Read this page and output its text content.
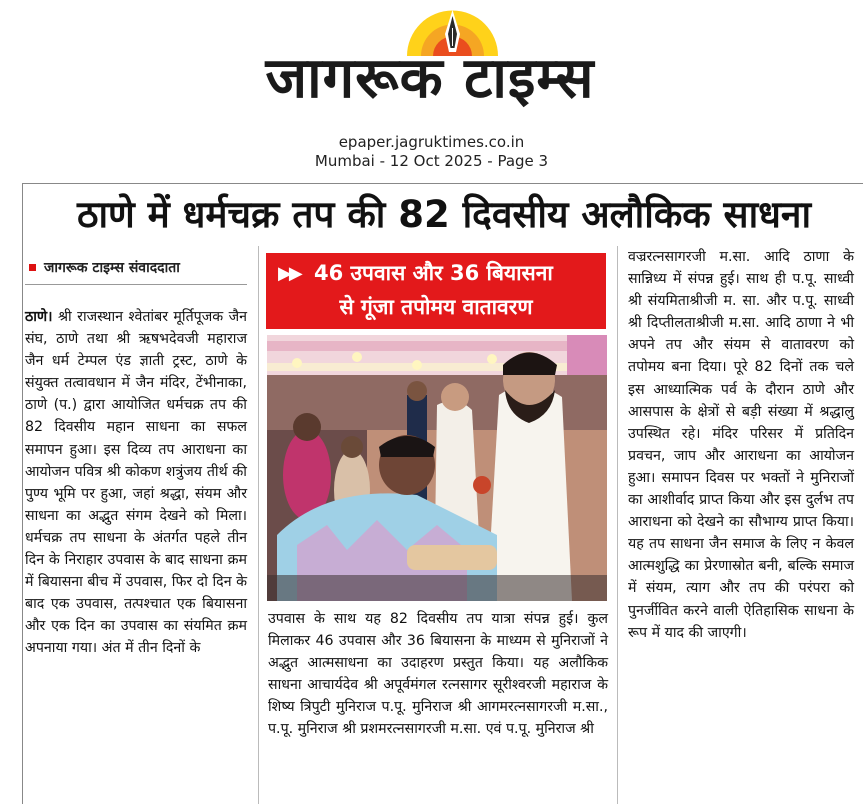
जागरूक टाइम्स
epaper.jagruktimes.co.in
Mumbai - 12 Oct 2025 - Page 3
ठाणे में धर्मचक्र तप की 82 दिवसीय अलौकिक साधना
जागरूक टाइम्स संवाददाता

ठाणे। श्री राजस्थान श्वेतांबर मूर्तिपूजक जैन संघ, ठाणे तथा श्री ऋषभदेवजी महाराज जैन धर्म टेम्पल एंड ज्ञाती ट्रस्ट, ठाणे के संयुक्त तत्वावधान में जैन मंदिर, टेंभीनाका, ठाणे (प.) द्वारा आयोजित धर्मचक्र तप की 82 दिवसीय महान साधना का सफल समापन हुआ। इस दिव्य तप आराधना का आयोजन पवित्र श्री कोकण शत्रुंजय तीर्थ की पुण्य भूमि पर हुआ, जहां श्रद्धा, संयम और साधना का अद्भुत संगम देखने को मिला। धर्मचक्र तप साधना के अंतर्गत पहले तीन दिन के निराहार उपवास के बाद साधना क्रम में बियासना बीच में उपवास, फिर दो दिन के बाद एक उपवास, तत्पश्चात एक बियासना और एक दिन का उपवास का संयमित क्रम अपनाया गया। अंत में तीन दिनों के

▶▶ 46 उपवास और 36 बियासना
से गूंजा तपोमय वातावरण

उपवास के साथ यह 82 दिवसीय तप यात्रा संपन्न हुई। कुल मिलाकर 46 उपवास और 36 बियासना के माध्यम से मुनिराजों ने अद्भुत आत्मसाधना का उदाहरण प्रस्तुत किया। यह अलौकिक साधना आचार्यदेव श्री अपूर्वमंगल रत्नसागर सूरीश्वरजी महाराज के शिष्य त्रिपुटी मुनिराज प.पू. मुनिराज श्री आगमरत्नसागरजी म.सा., प.पू. मुनिराज श्री प्रशमरत्नसागरजी म.सा. एवं प.पू. मुनिराज श्री

वज्ररत्नसागरजी म.सा. आदि ठाणा के सान्निध्य में संपन्न हुई। साथ ही प.पू. साध्वी श्री संयमिताश्रीजी म. सा. और प.पू. साध्वी श्री दिप्तीलताश्रीजी म.सा. आदि ठाणा ने भी अपने तप और संयम से वातावरण को तपोमय बना दिया। पूरे 82 दिनों तक चले इस आध्यात्मिक पर्व के दौरान ठाणे और आसपास के क्षेत्रों से बड़ी संख्या में श्रद्धालु उपस्थित रहे। मंदिर परिसर में प्रतिदिन प्रवचन, जाप और आराधना का आयोजन हुआ। समापन दिवस पर भक्तों ने मुनिराजों का आशीर्वाद प्राप्त किया और इस दुर्लभ तप आराधना को देखने का सौभाग्य प्राप्त किया। यह तप साधना जैन समाज के लिए न केवल आत्मशुद्धि का प्रेरणास्रोत बनी, बल्कि समाज में संयम, त्याग और तप की परंपरा को पुनर्जीवित करने वाली ऐतिहासिक साधना के रूप में याद की जाएगी।
